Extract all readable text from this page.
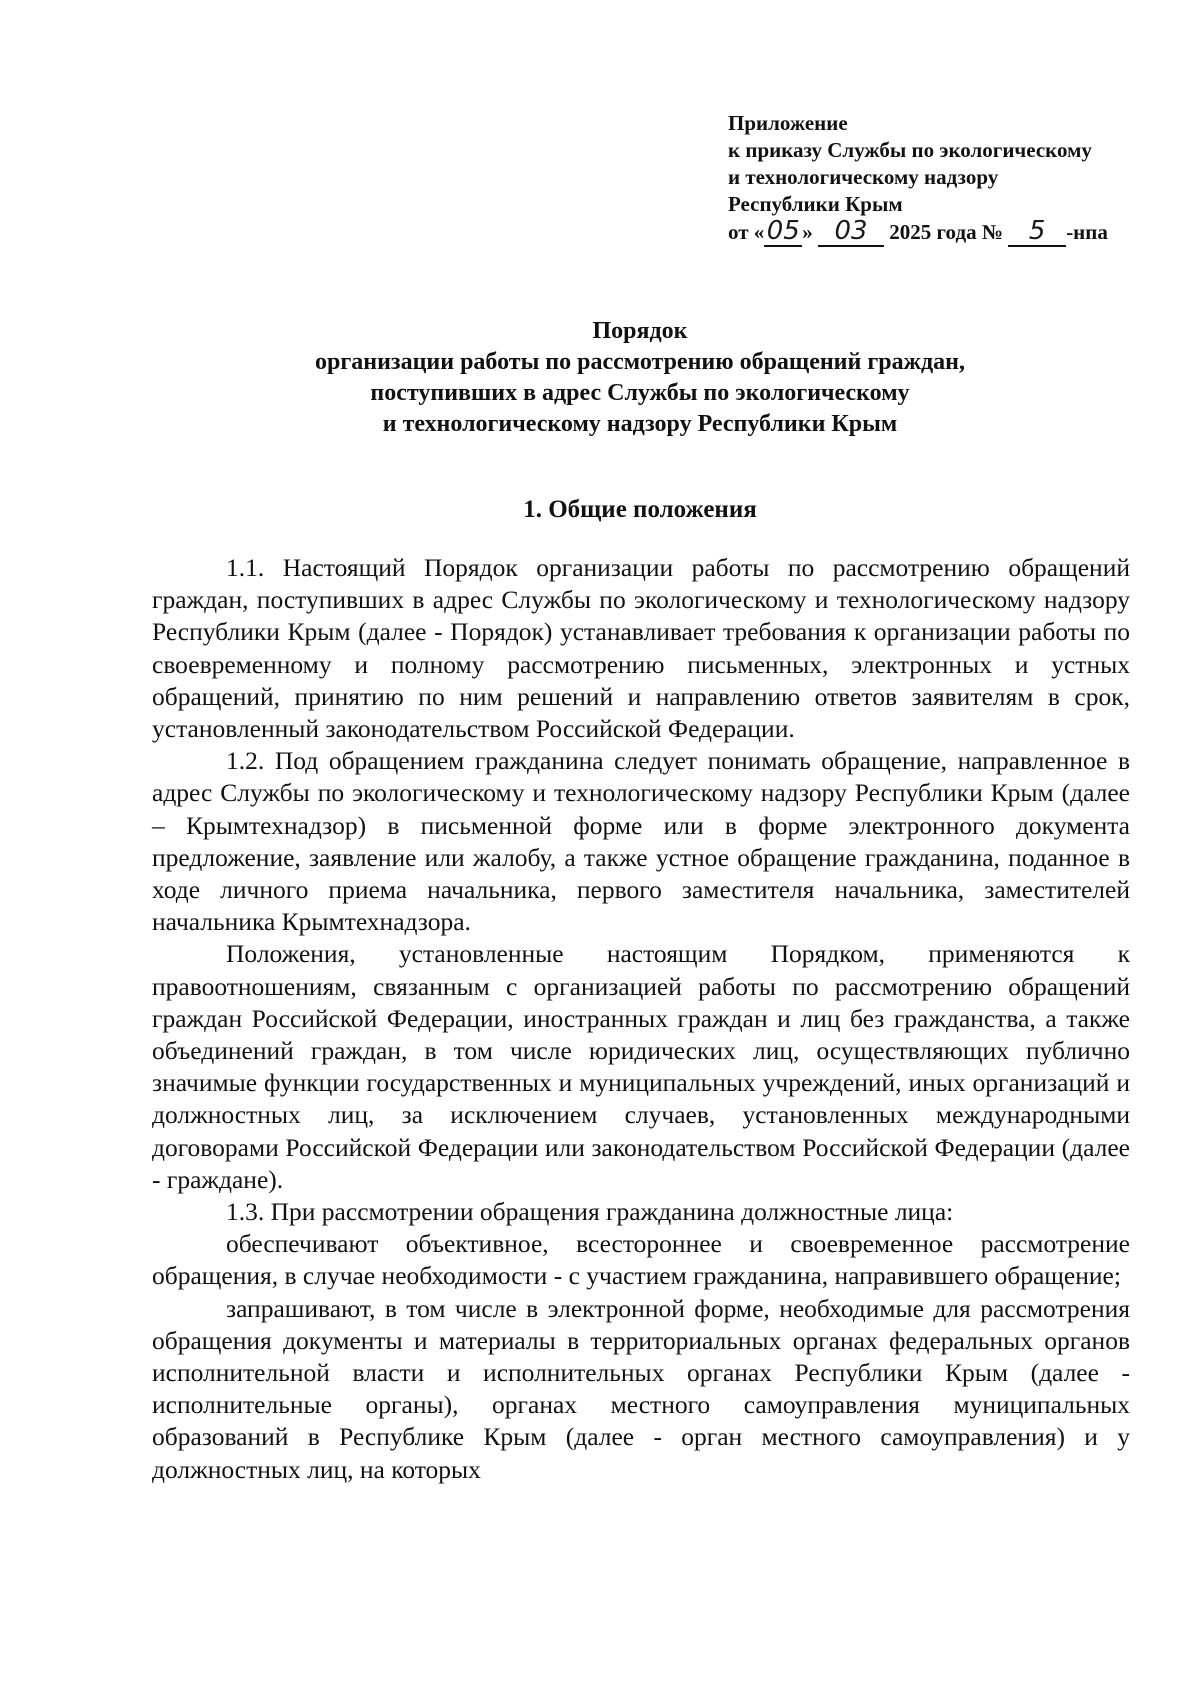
Приложение
к приказу Службы по экологическому
и технологическому надзору
Республики Крым
от «05 » 03 2025 года № 5 -нпа
Порядок
организации работы по рассмотрению обращений граждан,
поступивших в адрес Службы по экологическому
и технологическому надзору Республики Крым
1. Общие положения

1.1. Настоящий Порядок организации работы по рассмотрению обращений граждан, поступивших в адрес Службы по экологическому и технологическому надзору Республики Крым (далее - Порядок) устанавливает требования к организации работы по своевременному и полному рассмотрению письменных, электронных и устных обращений, принятию по ним решений и направлению ответов заявителям в срок, установленный законодательством Российской Федерации.

1.2. Под обращением гражданина следует понимать обращение, направленное в адрес Службы по экологическому и технологическому надзору Республики Крым (далее – Крымтехнадзор) в письменной форме или в форме электронного документа предложение, заявление или жалобу, а также устное обращение гражданина, поданное в ходе личного приема начальника, первого заместителя начальника, заместителей начальника Крымтехнадзора.

Положения, установленные настоящим Порядком, применяются к правоотношениям, связанным с организацией работы по рассмотрению обращений граждан Российской Федерации, иностранных граждан и лиц без гражданства, а также объединений граждан, в том числе юридических лиц, осуществляющих публично значимые функции государственных и муниципальных учреждений, иных организаций и должностных лиц, за исключением случаев, установленных международными договорами Российской Федерации или законодательством Российской Федерации (далее - граждане).

1.3. При рассмотрении обращения гражданина должностные лица:

обеспечивают объективное, всестороннее и своевременное рассмотрение обращения, в случае необходимости - с участием гражданина, направившего обращение;

запрашивают, в том числе в электронной форме, необходимые для рассмотрения обращения документы и материалы в территориальных органах федеральных органов исполнительной власти и исполнительных органах Республики Крым (далее - исполнительные органы), органах местного самоуправления муниципальных образований в Республике Крым (далее - орган местного самоуправления) и у должностных лиц, на которых
